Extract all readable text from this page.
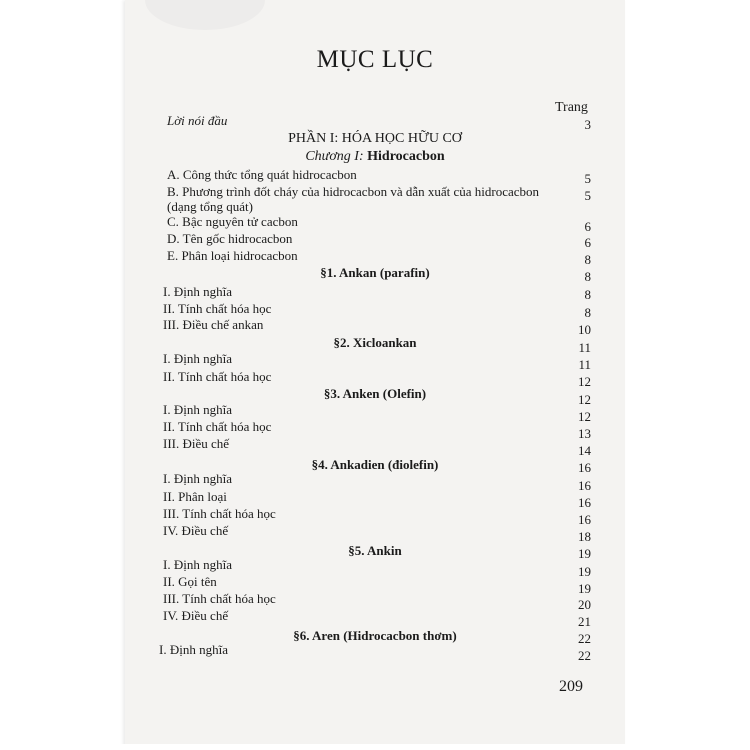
MỤC LỤC
Trang
Lời nói đầu	3
PHẦN I: HÓA HỌC HỮU CƠ
Chương I: Hidrocacbon
A. Công thức tổng quát hidrocacbon	5
B. Phương trình đốt cháy của hidrocacbon và dẫn xuất của hidrocacbon
(dạng tổng quát)
5
C. Bậc nguyên tử cacbon	6
D. Tên gốc hidrocacbon	6
E. Phân loại hidrocacbon	8
§1. Ankan (parafin)	8
I. Định nghĩa	8
II. Tính chất hóa học	8
III. Điều chế ankan	10
§2. Xicloankan	11
I. Định nghĩa	11
II. Tính chất hóa học	12
§3. Anken (Olefin)	12
I. Định nghĩa	12
II. Tính chất hóa học	13
III. Điều chế	14
§4. Ankadien (điolefin)	16
I. Định nghĩa	16
II. Phân loại	16
III. Tính chất hóa học	16
IV. Điều chế	18
§5. Ankin	19
I. Định nghĩa	19
II. Gọi tên	19
III. Tính chất hóa học	20
IV. Điều chế	21
§6. Aren (Hidrocacbon thơm)	22
I. Định nghĩa	22
209
